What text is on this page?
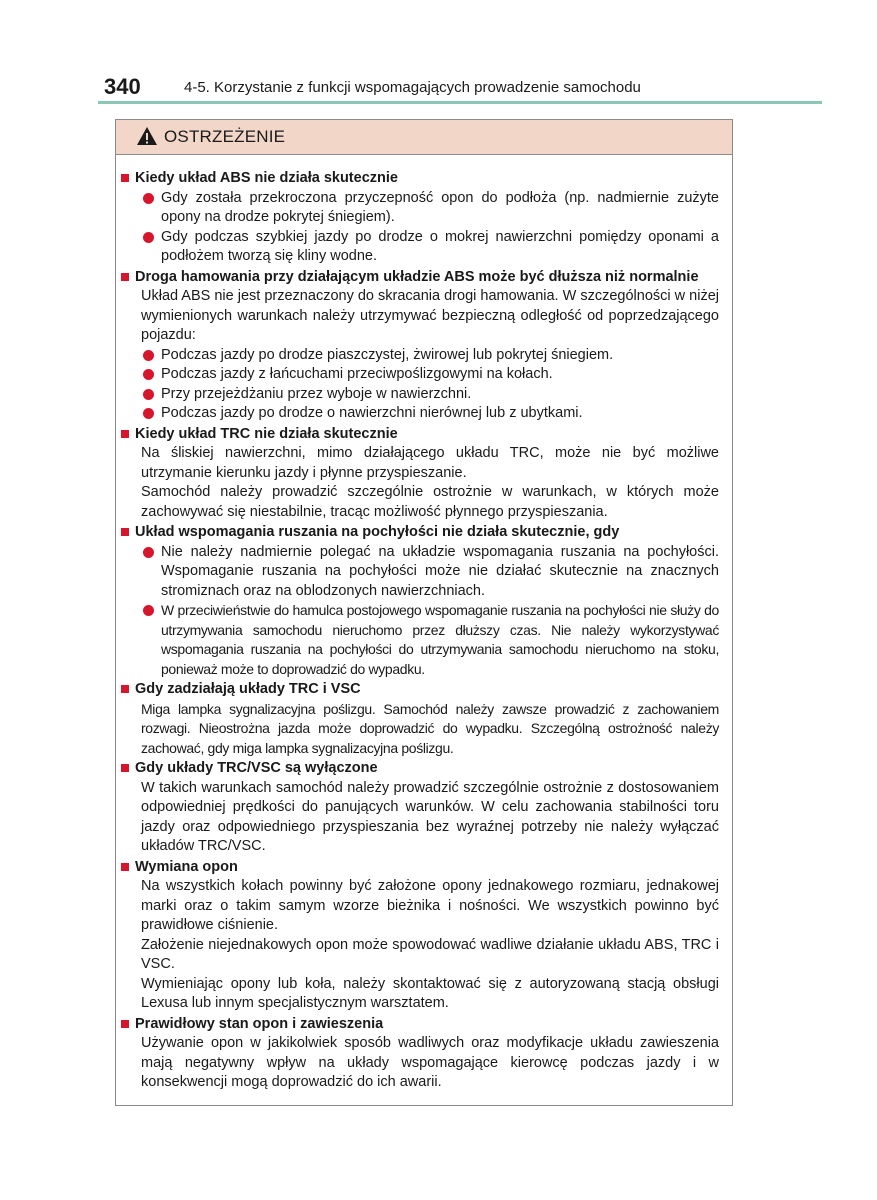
340	4-5. Korzystanie z funkcji wspomagających prowadzenie samochodu
OSTRZEŻENIE
Kiedy układ ABS nie działa skutecznie
Gdy została przekroczona przyczepność opon do podłoża (np. nadmiernie zużyte opony na drodze pokrytej śniegiem).
Gdy podczas szybkiej jazdy po drodze o mokrej nawierzchni pomiędzy oponami a podłożem tworzą się kliny wodne.
Droga hamowania przy działającym układzie ABS może być dłuższa niż normalnie
Układ ABS nie jest przeznaczony do skracania drogi hamowania. W szczególności w niżej wymienionych warunkach należy utrzymywać bezpieczną odległość od poprzedzającego pojazdu:
Podczas jazdy po drodze piaszczystej, żwirowej lub pokrytej śniegiem.
Podczas jazdy z łańcuchami przeciwpoślizgowymi na kołach.
Przy przejeżdżaniu przez wyboje w nawierzchni.
Podczas jazdy po drodze o nawierzchni nierównej lub z ubytkami.
Kiedy układ TRC nie działa skutecznie
Na śliskiej nawierzchni, mimo działającego układu TRC, może nie być możliwe utrzymanie kierunku jazdy i płynne przyspieszanie.
Samochód należy prowadzić szczególnie ostrożnie w warunkach, w których może zachowywać się niestabilnie, tracąc możliwość płynnego przyspieszania.
Układ wspomagania ruszania na pochyłości nie działa skutecznie, gdy
Nie należy nadmiernie polegać na układzie wspomagania ruszania na pochyłości. Wspomaganie ruszania na pochyłości może nie działać skutecznie na znacznych stromiznach oraz na oblodzonych nawierzchniach.
W przeciwieństwie do hamulca postojowego wspomaganie ruszania na pochyłości nie służy do utrzymywania samochodu nieruchomo przez dłuższy czas. Nie należy wykorzystywać wspomagania ruszania na pochyłości do utrzymywania samochodu nieruchomo na stoku, ponieważ może to doprowadzić do wypadku.
Gdy zadziałają układy TRC i VSC
Miga lampka sygnalizacyjna poślizgu. Samochód należy zawsze prowadzić z zachowaniem rozwagi. Nieostrożna jazda może doprowadzić do wypadku. Szczególną ostrożność należy zachować, gdy miga lampka sygnalizacyjna poślizgu.
Gdy układy TRC/VSC są wyłączone
W takich warunkach samochód należy prowadzić szczególnie ostrożnie z dostosowaniem odpowiedniej prędkości do panujących warunków. W celu zachowania stabilności toru jazdy oraz odpowiedniego przyspieszania bez wyraźnej potrzeby nie należy wyłączać układów TRC/VSC.
Wymiana opon
Na wszystkich kołach powinny być założone opony jednakowego rozmiaru, jednakowej marki oraz o takim samym wzorze bieżnika i nośności. We wszystkich powinno być prawidłowe ciśnienie.
Założenie niejednakowych opon może spowodować wadliwe działanie układu ABS, TRC i VSC.
Wymieniając opony lub koła, należy skontaktować się z autoryzowaną stacją obsługi Lexusa lub innym specjalistycznym warsztatem.
Prawidłowy stan opon i zawieszenia
Używanie opon w jakikolwiek sposób wadliwych oraz modyfikacje układu zawieszenia mają negatywny wpływ na układy wspomagające kierowcę podczas jazdy i w konsekwencji mogą doprowadzić do ich awarii.
